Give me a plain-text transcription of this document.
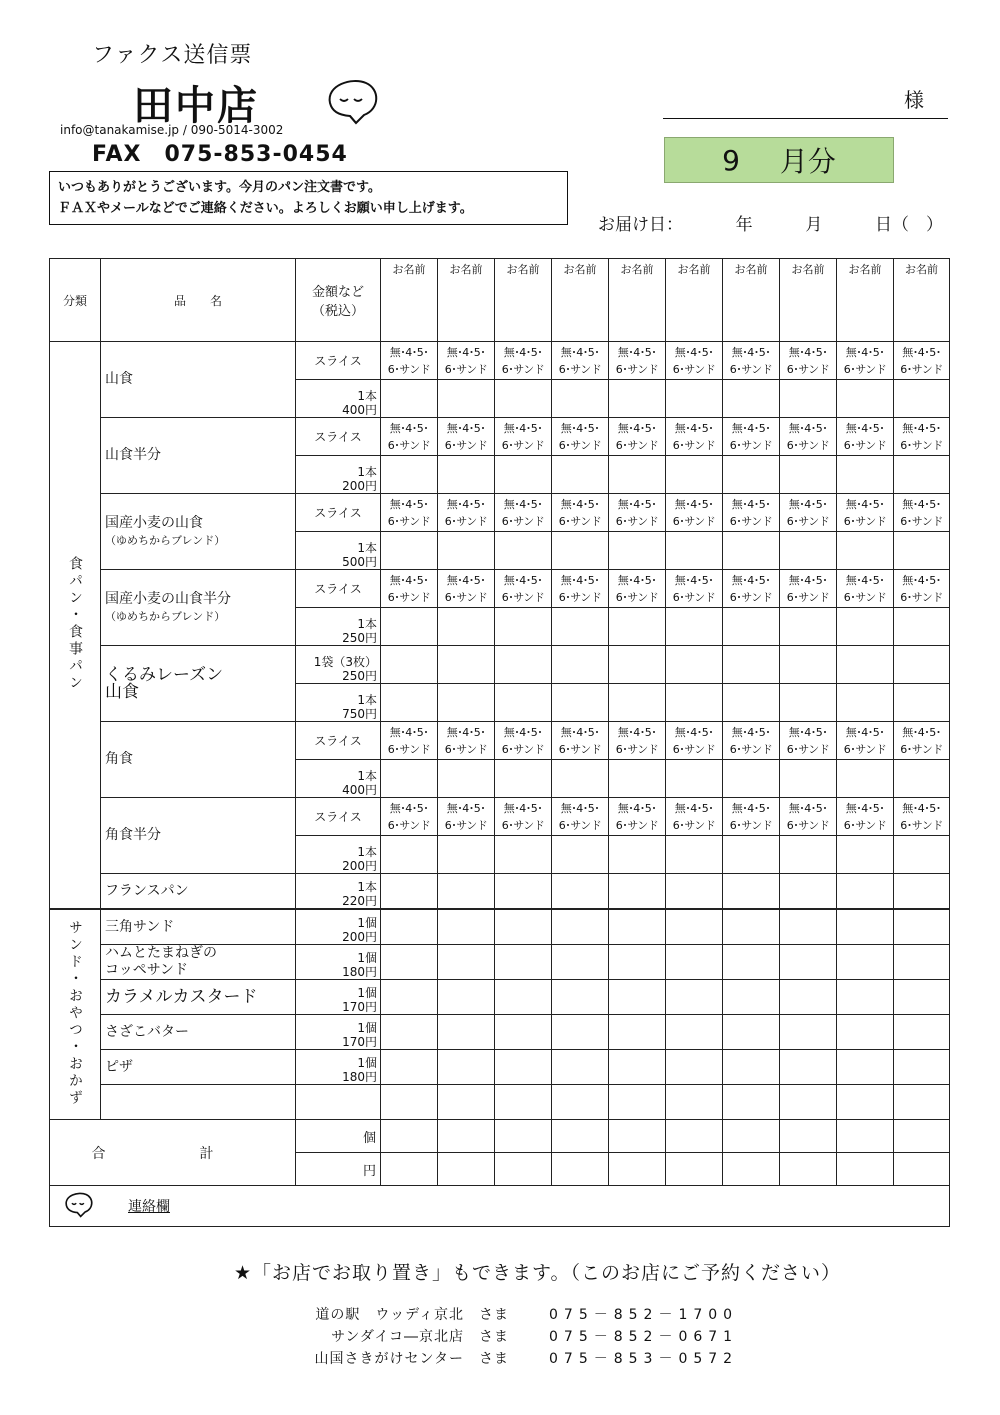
ファクス送信票
田中店
info@tanakamise.jp / 090-5014-3002
FAX　075-853-0454
様
9 月分
いつもありがとうございます。今月のパン注文書です。
ＦＡＸやメールなどでご連絡ください。よろしくお願い申し上げます。
お届け日：	年	月	日（　）
分類	品　　名	金額など（税込）	お名前	お名前	お名前	お名前	お名前	お名前	お名前	お名前	お名前	お名前
食パン・食事パン	山食	スライス	無･4･5･
6･サンド	無･4･5･
6･サンド	無･4･5･
6･サンド	無･4･5･
6･サンド	無･4･5･
6･サンド	無･4･5･
6･サンド	無･4･5･
6･サンド	無･4･5･
6･サンド	無･4･5･
6･サンド	無･4･5･
6･サンド
		1本
400円										
	山食半分	スライス	無･4･5･
6･サンド	無･4･5･
6･サンド	無･4･5･
6･サンド	無･4･5･
6･サンド	無･4･5･
6･サンド	無･4･5･
6･サンド	無･4･5･
6･サンド	無･4･5･
6･サンド	無･4･5･
6･サンド	無･4･5･
6･サンド
		1本
200円										
	国産小麦の山食
（ゆめちからブレンド）	スライス	無･4･5･
6･サンド	無･4･5･
6･サンド	無･4･5･
6･サンド	無･4･5･
6･サンド	無･4･5･
6･サンド	無･4･5･
6･サンド	無･4･5･
6･サンド	無･4･5･
6･サンド	無･4･5･
6･サンド	無･4･5･
6･サンド
		1本
500円										
	国産小麦の山食半分
（ゆめちからブレンド）	スライス	無･4･5･
6･サンド	無･4･5･
6･サンド	無･4･5･
6･サンド	無･4･5･
6･サンド	無･4･5･
6･サンド	無･4･5･
6･サンド	無･4･5･
6･サンド	無･4･5･
6･サンド	無･4･5･
6･サンド	無･4･5･
6･サンド
		1本
250円										
	くるみレーズン
山食	1袋（3枚）
250円										
		1本
750円										
	角食	スライス	無･4･5･
6･サンド	無･4･5･
6･サンド	無･4･5･
6･サンド	無･4･5･
6･サンド	無･4･5･
6･サンド	無･4･5･
6･サンド	無･4･5･
6･サンド	無･4･5･
6･サンド	無･4･5･
6･サンド	無･4･5･
6･サンド
		1本
400円										
	角食半分	スライス	無･4･5･
6･サンド	無･4･5･
6･サンド	無･4･5･
6･サンド	無･4･5･
6･サンド	無･4･5･
6･サンド	無･4･5･
6･サンド	無･4･5･
6･サンド	無･4･5･
6･サンド	無･4･5･
6･サンド	無･4･5･
6･サンド
		1本
200円										
	フランスパン	1本
220円										
サンド・おやつ・おかず	三角サンド	1個
200円										
	ハムとたまねぎの
コッペサンド	1個
180円										
	カラメルカスタード	1個
170円										
	さざこバター	1個
170円										
	ピザ	1個
180円										

合　計		個										
		円										

連絡欄												
★「お店でお取り置き」もできます。（このお店にご予約ください）
道の駅　ウッディ京北　さま	075－852－1700
サンダイコ―京北店　さま	075－852－0671
山国さきがけセンター　さま	075－853－0572
